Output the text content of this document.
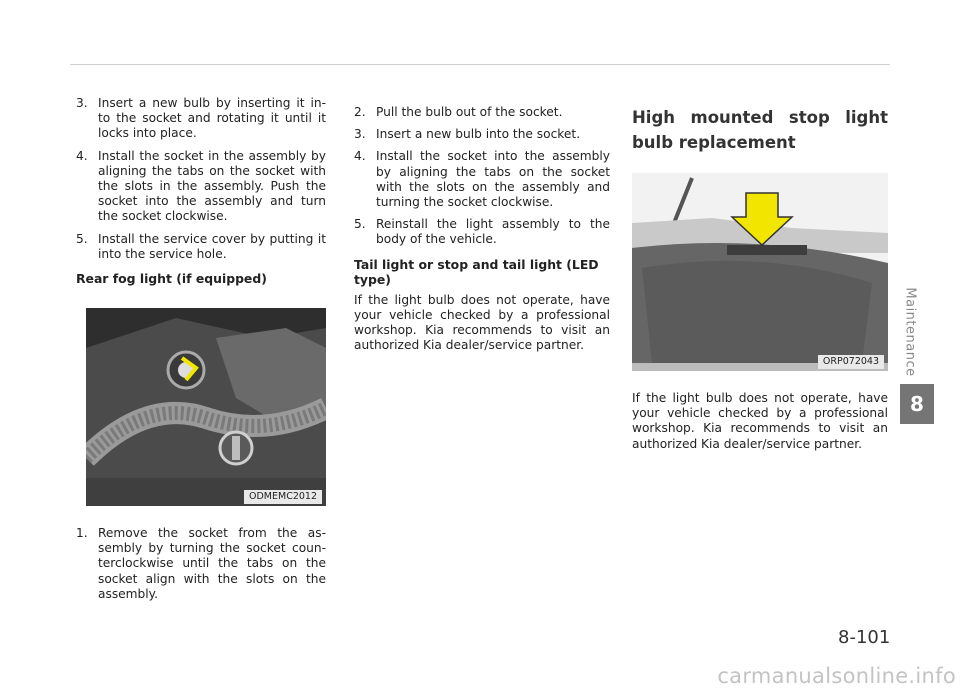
3. Insert a new bulb by inserting it in- to the socket and rotating it until it locks into place.
4. Install the socket in the assembly by aligning the tabs on the socket with the slots in the assembly. Push the socket into the assembly and turn the socket clockwise.
5. Install the service cover by putting it into the service hole.
Rear fog light (if equipped)
ODMEMC2012
1. Remove the socket from the as- sembly by turning the socket coun- terclockwise until the tabs on the socket align with the slots on the assembly.
2. Pull the bulb out of the socket.
3. Insert a new bulb into the socket.
4. Install the socket into the assembly by aligning the tabs on the socket with the slots on the assembly and turning the socket clockwise.
5. Reinstall the light assembly to the body of the vehicle.
Tail light or stop and tail light (LED type)

If the light bulb does not operate, have your vehicle checked by a professional workshop. Kia recommends to visit an authorized Kia dealer/service partner.

High mounted stop light bulb replacement
ORP072043

If the light bulb does not operate, have your vehicle checked by a professional workshop. Kia recommends to visit an authorized Kia dealer/service partner.

Maintenance
8
8-101
carmanualsonline.info
